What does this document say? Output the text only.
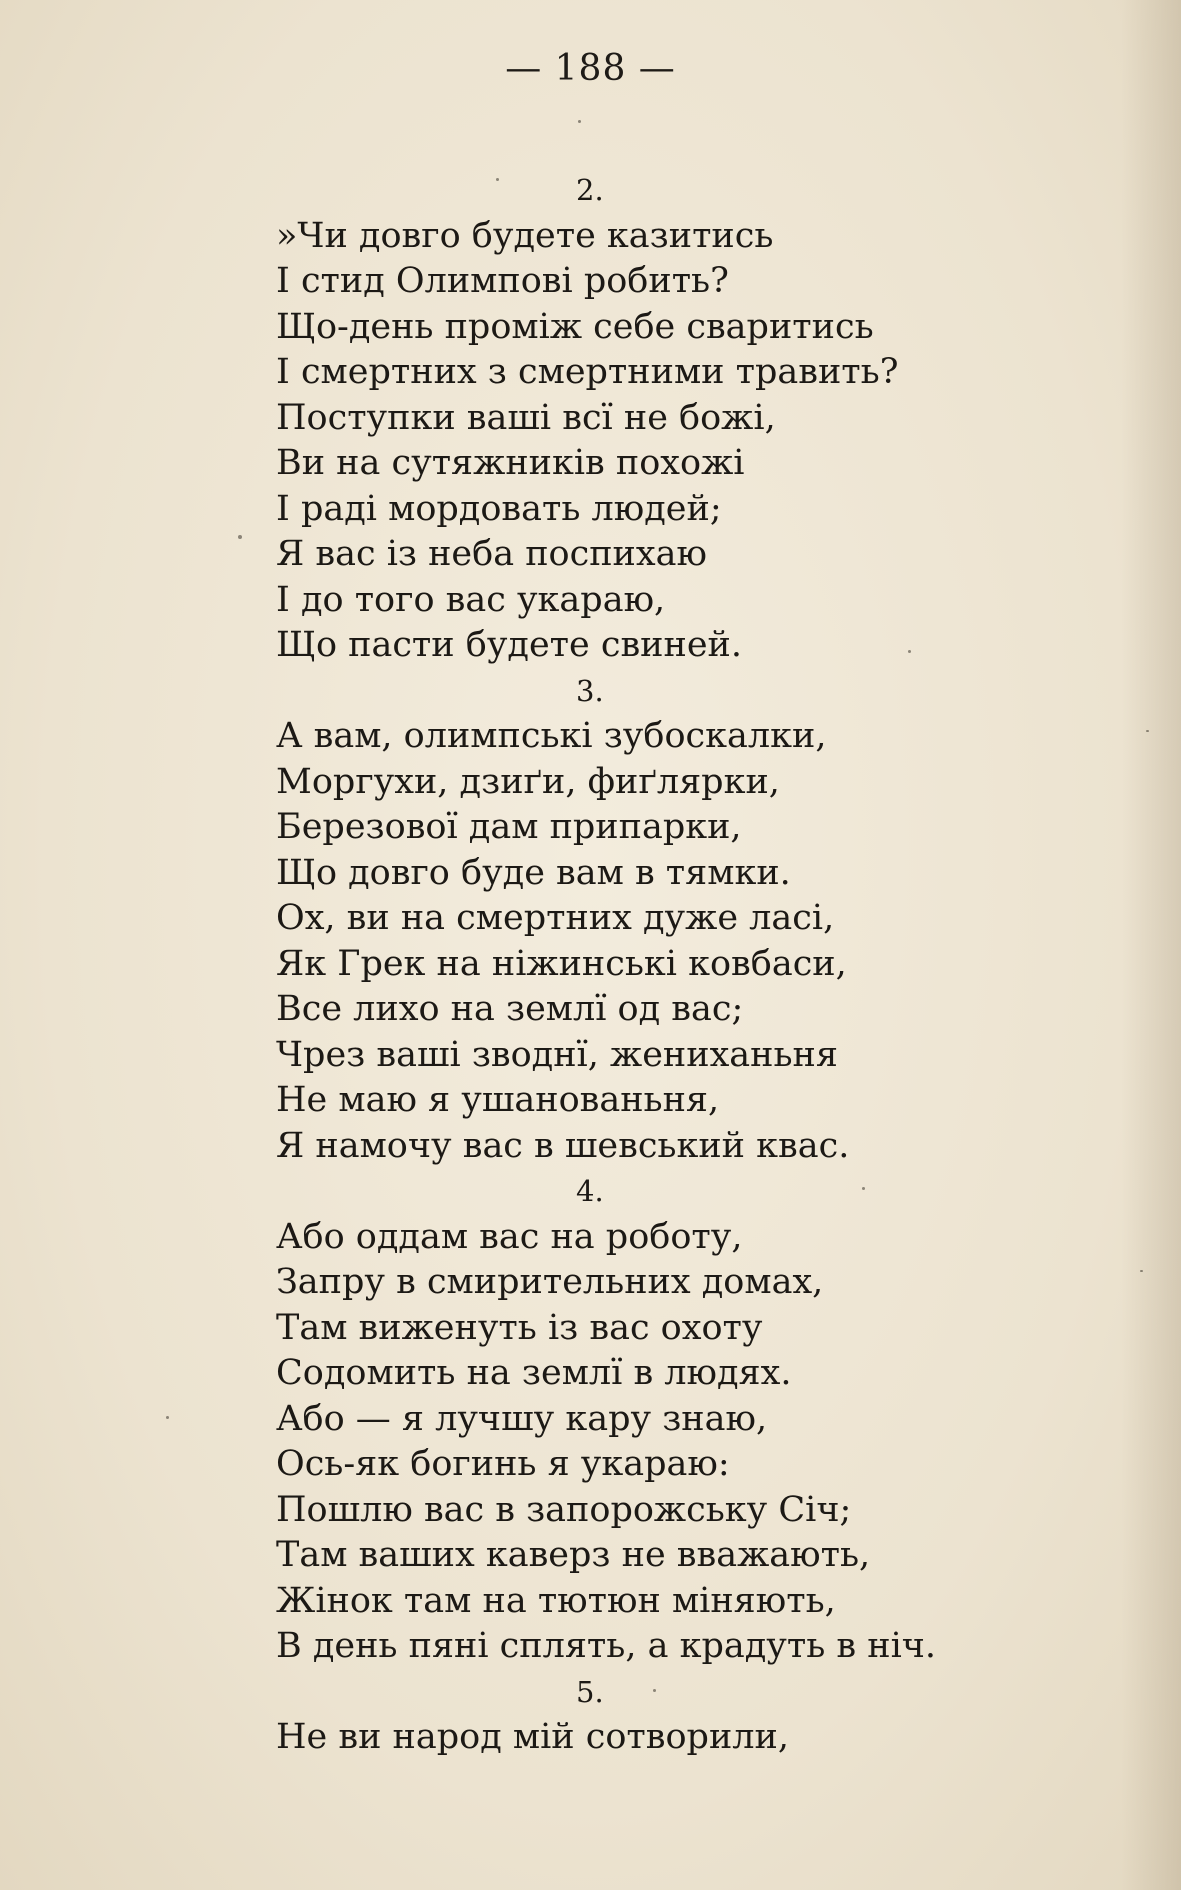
— 188 —
2.
»Чи довго будете казитись
І стид Олимпові робить?
Що-день проміж себе сваритись
І смертних з смертними травить?
Поступки ваші всї не божі,
Ви на сутяжників похожі
І раді мордовать людей;
Я вас із неба поспихаю
І до того вас укараю,
Що пасти будете свиней.
3.
А вам, олимпські зубоскалки,
Моргухи, дзиґи, фиґлярки,
Березової дам припарки,
Що довго буде вам в тямки.
Ох, ви на смертних дуже ласі,
Як Грек на ніжинські ковбаси,
Все лихо на землї од вас;
Чрез ваші зводнї, жениханьня
Не маю я ушанованьня,
Я намочу вас в шевський квас.
4.
Або оддам вас на роботу,
Запру в смирительних домах,
Там виженуть із вас охоту
Содомить на землї в людях.
Або — я лучшу кару знаю,
Ось-як богинь я укараю:
Пошлю вас в запорожську Січ;
Там ваших каверз не вважають,
Жінок там на тютюн міняють,
В день пяні сплять, а крадуть в ніч.
5.
Не ви народ мій сотворили,
